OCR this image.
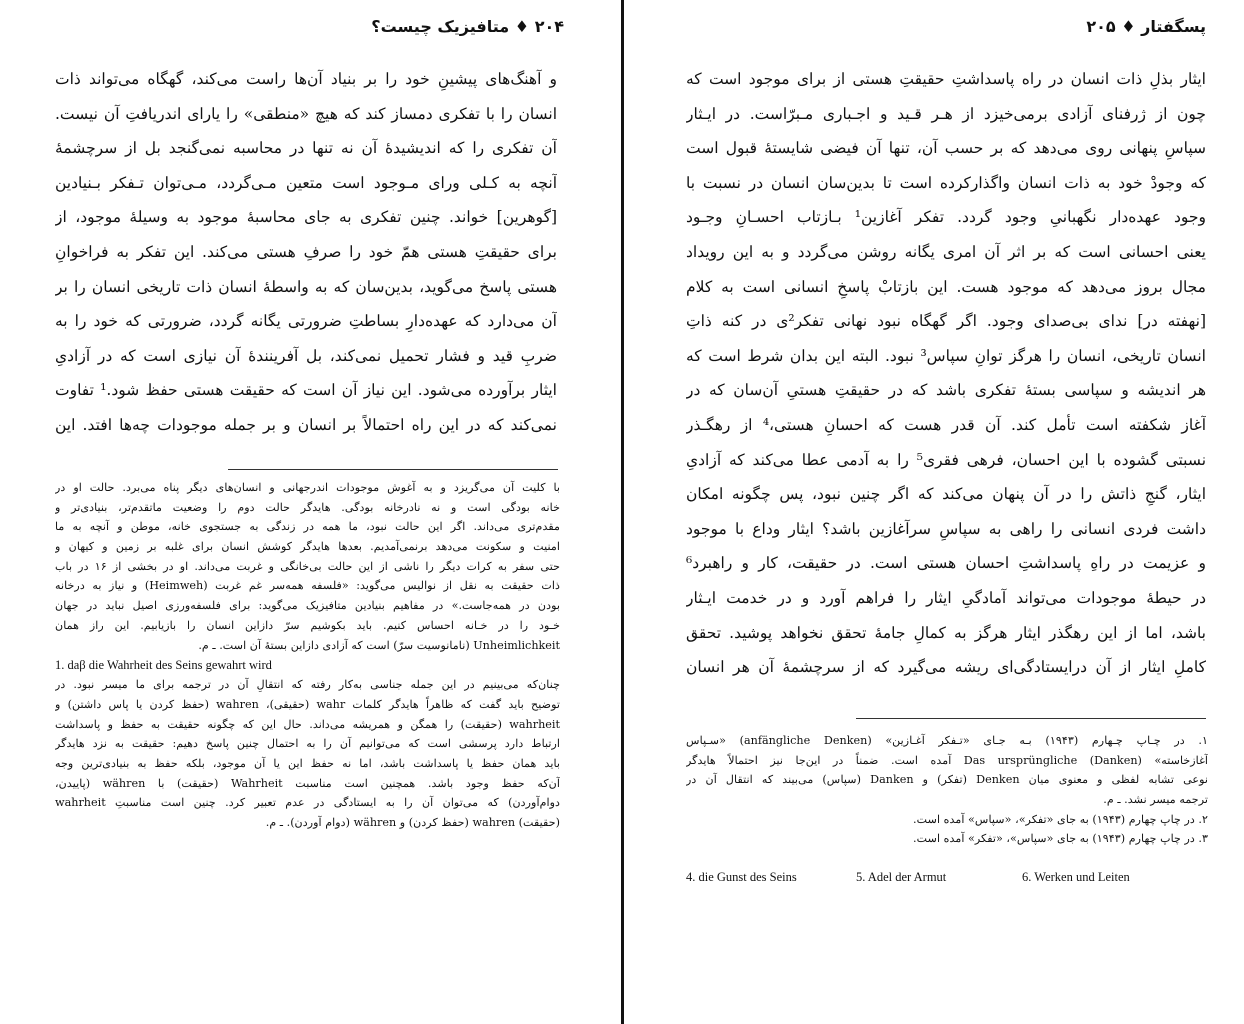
۲۰۴ ♦ متافیزیک چیست؟
و آهنگ‌های پیشینِ خود را بر بنیاد آن‌ها راست می‌کند، گهگاه می‌تواند ذات
انسان را با تفکری دمساز کند که هیچ «منطقی» را یارای اندریافتِ آن نیست.
آن تفکری را که اندیشیدهٔ آن نه تنها در محاسبه نمی‌گنجد بل از سرچشمهٔ
آنچه به کـلی ورای مـوجود است متعین مـی‌گردد، مـی‌توان تـفکر بـنیادین
[گوهرین] خواند. چنین تفکری به جای محاسبهٔ موجود به وسیلهٔ موجود، از
برای حقیقتِ هستی همّ خود را صرفِ هستی می‌کند. این تفکر به فراخوانِ
هستی پاسخ می‌گوید، بدین‌سان که به واسطهٔ انسان ذات تاریخی انسان را بر
آن می‌دارد که عهده‌دارِ بساطتِ ضرورتی یگانه گردد، ضرورتی که خود را به
ضربِ قید و فشار تحمیل نمی‌کند، بل آفریننده‌ٔ آن نیازی است که در آزادیِ
ایثار برآورده می‌شود. این نیاز آن است که حقیقت هستی حفظ شود.¹ تفاوت
نمی‌کند که در این راه احتمالاً بر انسان و بر جمله موجودات چه‌ها افتد. این
با کلیت آن می‌گریزد و به آغوش موجودات اندرجهانی و انسان‌های دیگر پناه می‌برد. حالت او در
خانه بودگی است و نه نادرخانه بودگی. هایدگر حالت دوم را وضعیت ماتقدم‌تر، بنیادی‌تر و
مقدم‌تری می‌داند. اگر این حالت نبود، ما همه در زندگی به جستجوی خانه، موطن و آنچه به ما
امنیت و سکونت می‌دهد برنمی‌آمدیم. بعدها هایدگر کوشش انسان برای غلبه بر زمین و کیهان و
حتی سفر به کرات دیگر را ناشی از این حالت بی‌خانگی و غربت می‌داند. او در بخشی از ۱۶ در باب
ذات حقیقت به نقل از نوالیس می‌گوید: «فلسفه همه‌سر غم غربت (Heimweh) و نیاز به درخانه
بودن در همه‌جاست.» در مفاهیم بنیادین متافیزیک می‌گوید: برای فلسفه‌ورزی اصیل نباید در جهان
خـود را در خـانه احساس کنیم. باید بکوشیم سرّ دازاین انسان را بازیابیم. این راز همان
Unheimlichkeit (ناما‌نوسیت سرّ) است که آزادی دازاین بستهٔ آن است. ـ م.
1. daβ die Wahrheit des Seins gewahrt wird
چنان‌که می‌بینیم در این جمله جناسی به‌کار رفته که انتقالِ آن در ترجمه برای ما میسر نبود. در
توضیح باید گفت که ظاهراً هایدگر کلمات wahr (حقیقی)، wahren (حفظ کردن یا پاس داشتن) و
wahrheit (حقیقت) را همگن و همریشه می‌داند. حال این که چگونه حقیقت به حفظ و پاسداشت
ارتباط دارد پرسشی است که می‌توانیم آن را به احتمال چنین پاسخ دهیم: حقیقت به نزد هایدگر
باید همان حفظ یا پاسداشت باشد، اما نه حفظ این یا آن موجود، بلکه حفظ به بنیادی‌ترین وجه
آن‌که حفظ وجود باشد. همچنین است مناسبت Wahrheit (حقیقت) با währen (پاییدن،
دوام‌آوردن) که می‌توان آن را به ایستادگی در عدم تعبیر کرد. چنین است مناسبتِ wahrheit
(حقیقت) wahren (حفظ کردن) و währen (دوام آوردن). ـ م.
پسگفتار ♦ ۲۰۵
ایثار بذلِ ذات انسان در راه پاسداشتِ حقیقتِ هستی از برای موجود است که
چون از ژرفنای آزادی برمی‌خیزد از هـر قـید و اجـباری مـبرّاست. در ایـثار
سپاسِ پنهانی روی می‌دهد که بر حسب آن، تنها آن فیضی شایستهٔ قبول است
که وجودْ خود به ذات انسان واگذارکرده است تا بدین‌سان انسان در نسبت با
وجود عهده‌دار نگهبانیِ وجود گردد. تفکر آغازین¹ بـازتاب احسـانِ وجـود
یعنی احسانی است که بر اثر آن امری یگانه روشن می‌گردد و به این رویداد
مجال بروز می‌دهد که موجود هست. این بازتابْ پاسخِ انسانی است به کلام
[نهفته در] ندای بی‌صدای وجود. اگر گهگاه نبود نهانی تفکر²ی در کنه ذاتِ
انسان تاریخی، انسان را هرگز توانِ سپاس³ نبود. البته این بدان شرط است که
هر اندیشه و سپاسی بستهٔ تفکری باشد که در حقیقتِ هستیِ آن‌سان که در
آغاز شکفته است تأمل کند. آن قدر هست که احسانِ هستی،⁴ از رهگـذر
نسبتی گشوده با این احسان، فرهی فقری⁵ را به آدمی عطا می‌کند که آزادیِ
ایثار، گنجِ ذاتش را در آن پنهان می‌کند که اگر چنین نبود، پس چگونه امکان
داشت فردی انسانی را راهی به سپاسِ سرآغازین باشد؟ ایثار وداع با موجود
و عزیمت در راهِ پاسداشتِ احسان هستی است. در حقیقت، کار و راهبرد⁶
در حیطهٔ موجودات می‌تواند آمادگیِ ایثار را فراهم آورد و در خدمت ایـثار
باشد، اما از این رهگذر ایثار هرگز به کمالِ جامهٔ تحقق نخواهد پوشید. تحقق
کاملِ ایثار از آن درایستادگی‌ای ریشه می‌گیرد که از سرچشمهٔ آن هر انسان
۱. در چـاپ چـهارم (۱۹۴۳) بـه جـای «تـفکر آغـازین» (anfängliche Denken) «سـپاس
آغازخاسته» (Danken) Das ursprüngliche آمده است. ضمناً در این‌جا نیز احتمالاً هایدگر
نوعی تشابه لفظی و معنوی میان Denken (تفکر) و Danken (سپاس) می‌بیند که انتقال آن در
ترجمه میسر نشد. ـ م.
۲. در چاپ چهارم (۱۹۴۳) به جای «تفکر»، «سپاس» آمده است.
۳. در چاپ چهارم (۱۹۴۳) به جای «سپاس»، «تفکر» آمده است.
4. die Gunst des Seins	5. Adel der Armut	6. Werken und Leiten
